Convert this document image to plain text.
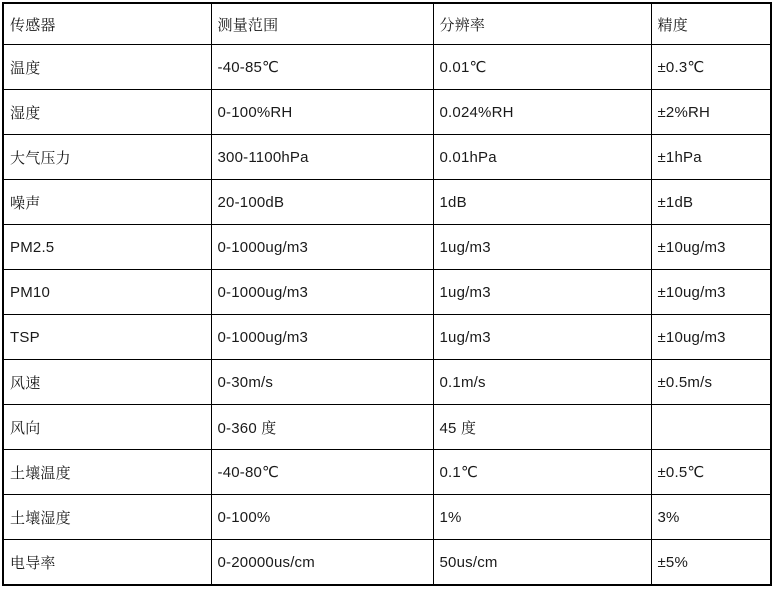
传感器	测量范围	分辨率	精度
温度	-40-85℃	0.01℃	±0.3℃
湿度	0-100%RH	0.024%RH	±2%RH
大气压力	300-1100hPa	0.01hPa	±1hPa
噪声	20-100dB	1dB	±1dB
PM2.5	0-1000ug/m3	1ug/m3	±10ug/m3
PM10	0-1000ug/m3	1ug/m3	±10ug/m3
TSP	0-1000ug/m3	1ug/m3	±10ug/m3
风速	0-30m/s	0.1m/s	±0.5m/s
风向	0-360 度	45 度	
土壤温度	-40-80℃	0.1℃	±0.5℃
土壤湿度	0-100%	1%	3%
电导率	0-20000us/cm	50us/cm	±5%
